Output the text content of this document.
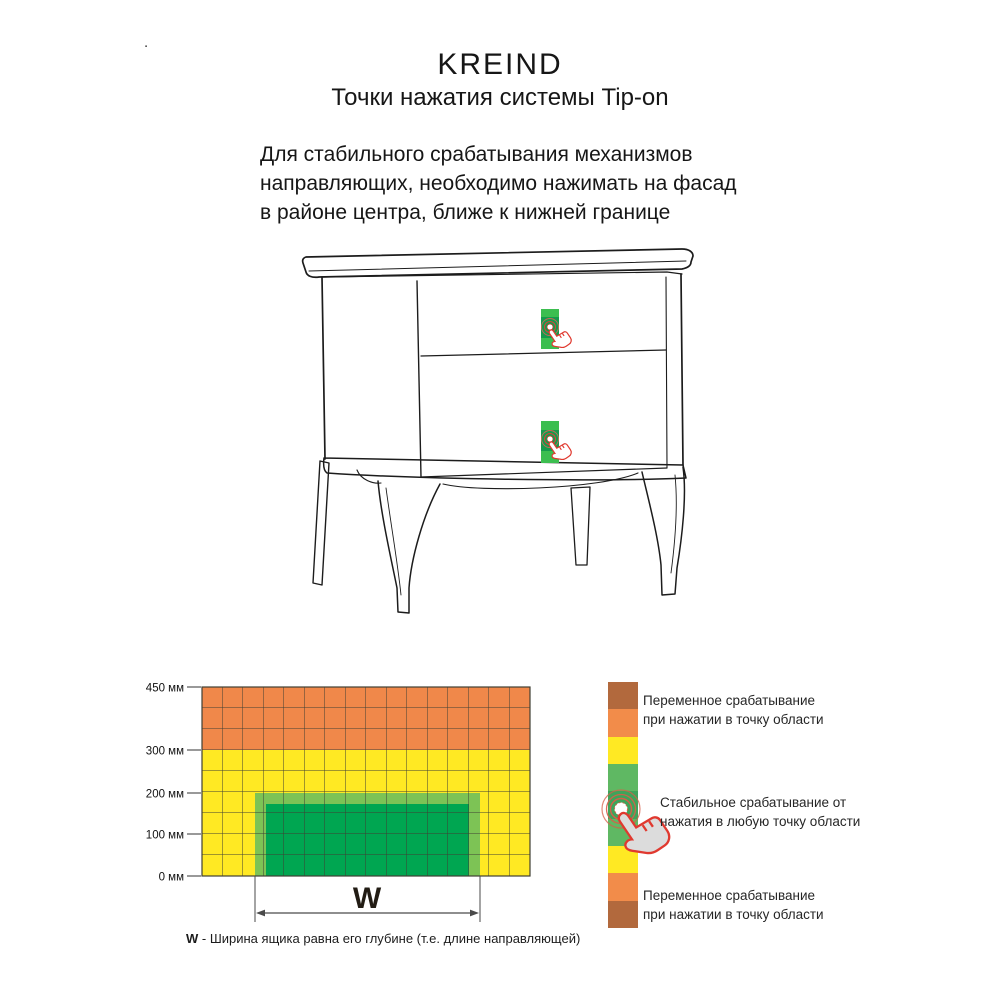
.
KREIND
Точки нажатия системы Tip-on
Для стабильного срабатывания механизмов
направляющих, необходимо нажимать на фасад
в районе центра, ближе к нижней границе
450 мм
300 мм
200 мм
100 мм
0 мм
W
Переменное срабатывание
при нажатии в точку области
Стабильное срабатывание от
нажатия в любую точку области
Переменное срабатывание
при нажатии в точку области
W - Ширина ящика равна его глубине (т.е. длине направляющей)
